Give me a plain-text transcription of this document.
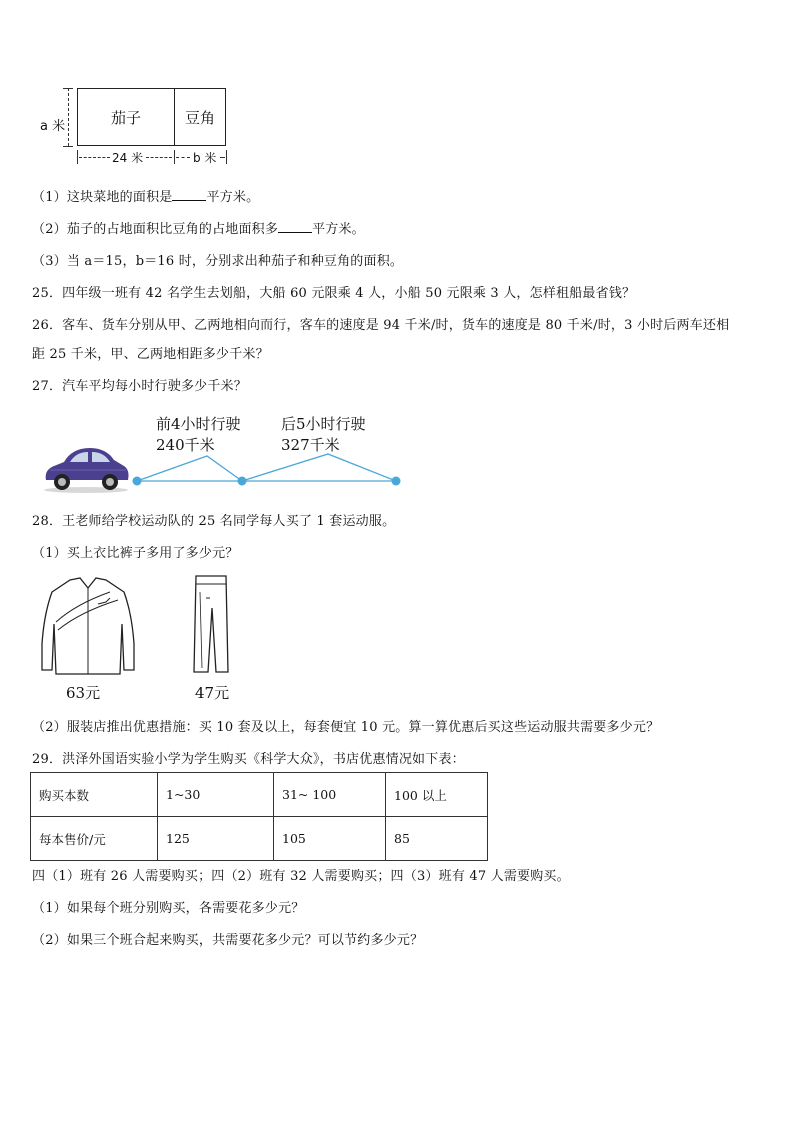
a 米	茄子	豆角
24 米	b 米
（1）这块菜地的面积是	平方米。
（2）茄子的占地面积比豆角的占地面积多	平方米。
（3）当 a＝15，b＝16 时，分别求出种茄子和种豆角的面积。
25．四年级一班有 42 名学生去划船，大船 60 元限乘 4 人，小船 50 元限乘 3 人，怎样租船最省钱？
26．客车、货车分别从甲、乙两地相向而行，客车的速度是 94 千米/时，货车的速度是 80 千米/时，3 小时后两车还相
距 25 千米，甲、乙两地相距多少千米？
27．汽车平均每小时行驶多少千米？
前4小时行驶
240千米
后5小时行驶
327千米
28．王老师给学校运动队的 25 名同学每人买了 1 套运动服。
（1）买上衣比裤子多用了多少元？
63元	47元
（2）服装店推出优惠措施：买 10 套及以上，每套便宜 10 元。算一算优惠后买这些运动服共需要多少元？
29．洪泽外国语实验小学为学生购买《科学大众》，书店优惠情况如下表：
购买本数	1~30	31~ 100	100 以上
每本售价/元	125	105	85
四（1）班有 26 人需要购买；四（2）班有 32 人需要购买；四（3）班有 47 人需要购买。
（1）如果每个班分别购买，各需要花多少元？
（2）如果三个班合起来购买，共需要花多少元？可以节约多少元？
